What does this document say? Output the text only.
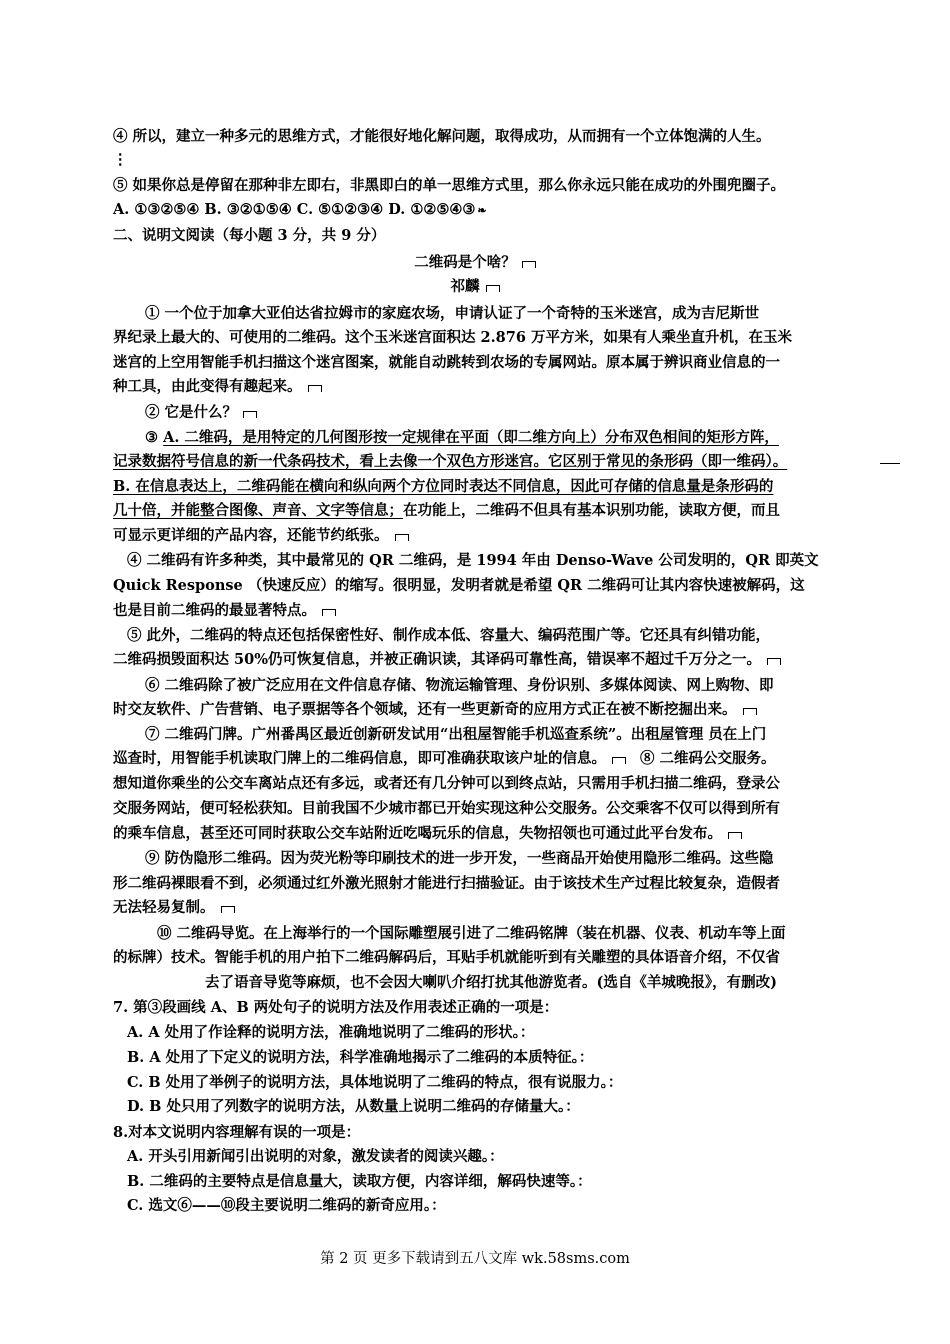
④ 所以，建立一种多元的思维方式，才能很好地化解问题，取得成功，从而拥有一个立体饱满的人生。
⋮
⑤ 如果你总是停留在那种非左即右，非黑即白的单一思维方式里，那么你永远只能在成功的外围兜圈子。
A. ①③②⑤④ B. ③②①⑤④ C. ⑤①②③④ D. ①②⑤④③ ❧
二、说明文阅读（每小题 3 分，共 9 分）
二维码是个啥？
祁麟
① 一个位于加拿大亚伯达省拉姆市的家庭农场，申请认证了一个奇特的玉米迷宫，成为吉尼斯世
界纪录上最大的、可使用的二维码。这个玉米迷宫面积达 2.876 万平方米，如果有人乘坐直升机，在玉米
迷宫的上空用智能手机扫描这个迷宫图案，就能自动跳转到农场的专属网站。原本属于辨识商业信息的一
种工具，由此变得有趣起来。
② 它是什么？
③ A. 二维码，是用特定的几何图形按一定规律在平面（即二维方向上）分布双色相间的矩形方阵，
记录数据符号信息的新一代条码技术，看上去像一个双色方形迷宫。它区别于常见的条形码（即一维码）。
B. 在信息表达上，二维码能在横向和纵向两个方位同时表达不同信息，因此可存储的信息量是条形码的
几十倍，并能整合图像、声音、文字等信息；在功能上，二维码不但具有基本识别功能，读取方便，而且
可显示更详细的产品内容，还能节约纸张。
④ 二维码有许多种类，其中最常见的 QR 二维码，是 1994 年由 Denso-Wave 公司发明的，QR 即英文
Quick Response （快速反应）的缩写。很明显，发明者就是希望 QR 二维码可让其内容快速被解码，这
也是目前二维码的最显著特点。
⑤ 此外，二维码的特点还包括保密性好、制作成本低、容量大、编码范围广等。它还具有纠错功能，
二维码损毁面积达 50%仍可恢复信息，并被正确识读，其译码可靠性高，错误率不超过千万分之一。
⑥ 二维码除了被广泛应用在文件信息存储、物流运输管理、身份识别、多媒体阅读、网上购物、即
时交友软件、广告营销、电子票据等各个领域，还有一些更新奇的应用方式正在被不断挖掘出来。
⑦ 二维码门牌。广州番禺区最近创新研发试用“出租屋智能手机巡查系统”。出租屋管理 员在上门
巡查时，用智能手机读取门牌上的二维码信息，即可准确获取该户址的信息。 ⑧ 二维码公交服务。
想知道你乘坐的公交车离站点还有多远，或者还有几分钟可以到终点站，只需用手机扫描二维码，登录公
交服务网站，便可轻松获知。目前我国不少城市都已开始实现这种公交服务。公交乘客不仅可以得到所有
的乘车信息，甚至还可同时获取公交车站附近吃喝玩乐的信息，失物招领也可通过此平台发布。
⑨ 防伪隐形二维码。因为荧光粉等印刷技术的进一步开发，一些商品开始使用隐形二维码。这些隐
形二维码裸眼看不到，必须通过红外激光照射才能进行扫描验证。由于该技术生产过程比较复杂，造假者
无法轻易复制。
⑩ 二维码导览。在上海举行的一个国际雕塑展引进了二维码铭牌（装在机器、仪表、机动车等上面
的标牌）技术。智能手机的用户拍下二维码解码后，耳贴手机就能听到有关雕塑的具体语音介绍，不仅省
去了语音导览等麻烦，也不会因大喇叭介绍打扰其他游览者。(选自《羊城晚报》，有删改)
7. 第③段画线 A、B 两处句子的说明方法及作用表述正确的一项是：
A. A 处用了作诠释的说明方法，准确地说明了二维码的形状。：
B. A 处用了下定义的说明方法，科学准确地揭示了二维码的本质特征。：
C. B 处用了举例子的说明方法，具体地说明了二维码的特点，很有说服力。：
D. B 处只用了列数字的说明方法，从数量上说明二维码的存储量大。：
8.对本文说明内容理解有误的一项是：
A. 开头引用新闻引出说明的对象，激发读者的阅读兴趣。：
B. 二维码的主要特点是信息量大，读取方便，内容详细，解码快速等。：
C. 选文⑥——⑩段主要说明二维码的新奇应用。：
第 2 页 更多下载请到五八文库 wk.58sms.com
